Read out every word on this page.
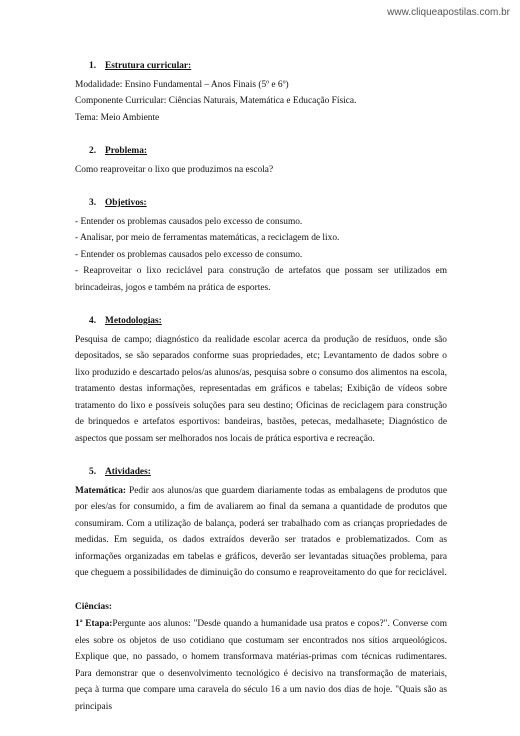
www.cliqueapostilas.com.br
1. Estrutura curricular:

Modalidade: Ensino Fundamental – Anos Finais (5º e 6º)

Componente Curricular: Ciências Naturais, Matemática e Educação Física.

Tema: Meio Ambiente

2. Problema:

Como reaproveitar o lixo que produzimos na escola?

3. Objetivos:

- Entender os problemas causados pelo excesso de consumo.

- Analisar, por meio de ferramentas matemáticas, a reciclagem de lixo.

- Entender os problemas causados pelo excesso de consumo.

- Reaproveitar o lixo reciclável para construção de artefatos que possam ser utilizados em brincadeiras, jogos e também na prática de esportes.

4. Metodologias:

Pesquisa de campo; diagnóstico da realidade escolar acerca da produção de resíduos, onde são depositados, se são separados conforme suas propriedades, etc; Levantamento de dados sobre o lixo produzido e descartado pelos/as alunos/as, pesquisa sobre o consumo dos alimentos na escola, tratamento destas informações, representadas em gráficos e tabelas; Exibição de vídeos sobre tratamento do lixo e possíveis soluções para seu destino; Oficinas de reciclagem para construção de brinquedos e artefatos esportivos: bandeiras, bastões, petecas, medalhasete; Diagnóstico de aspectos que possam ser melhorados nos locais de prática esportiva e recreação.

5. Atividades:

Matemática: Pedir aos alunos/as que guardem diariamente todas as embalagens de produtos que por eles/as for consumido, a fim de avaliarem ao final da semana a quantidade de produtos que consumiram. Com a utilização de balança, poderá ser trabalhado com as crianças propriedades de medidas. Em seguida, os dados extraídos deverão ser tratados e problematizados. Com as informações organizadas em tabelas e gráficos, deverão ser levantadas situações problema, para que cheguem a possibilidades de diminuição do consumo e reaproveitamento do que for reciclável.

Ciências:

1ª Etapa:Pergunte aos alunos: "Desde quando a humanidade usa pratos e copos?". Converse com eles sobre os objetos de uso cotidiano que costumam ser encontrados nos sítios arqueológicos. Explique que, no passado, o homem transformava matérias-primas com técnicas rudimentares. Para demonstrar que o desenvolvimento tecnológico é decisivo na transformação de materiais, peça à turma que compare uma caravela do século 16 a um navio dos dias de hoje. "Quais são as principais
